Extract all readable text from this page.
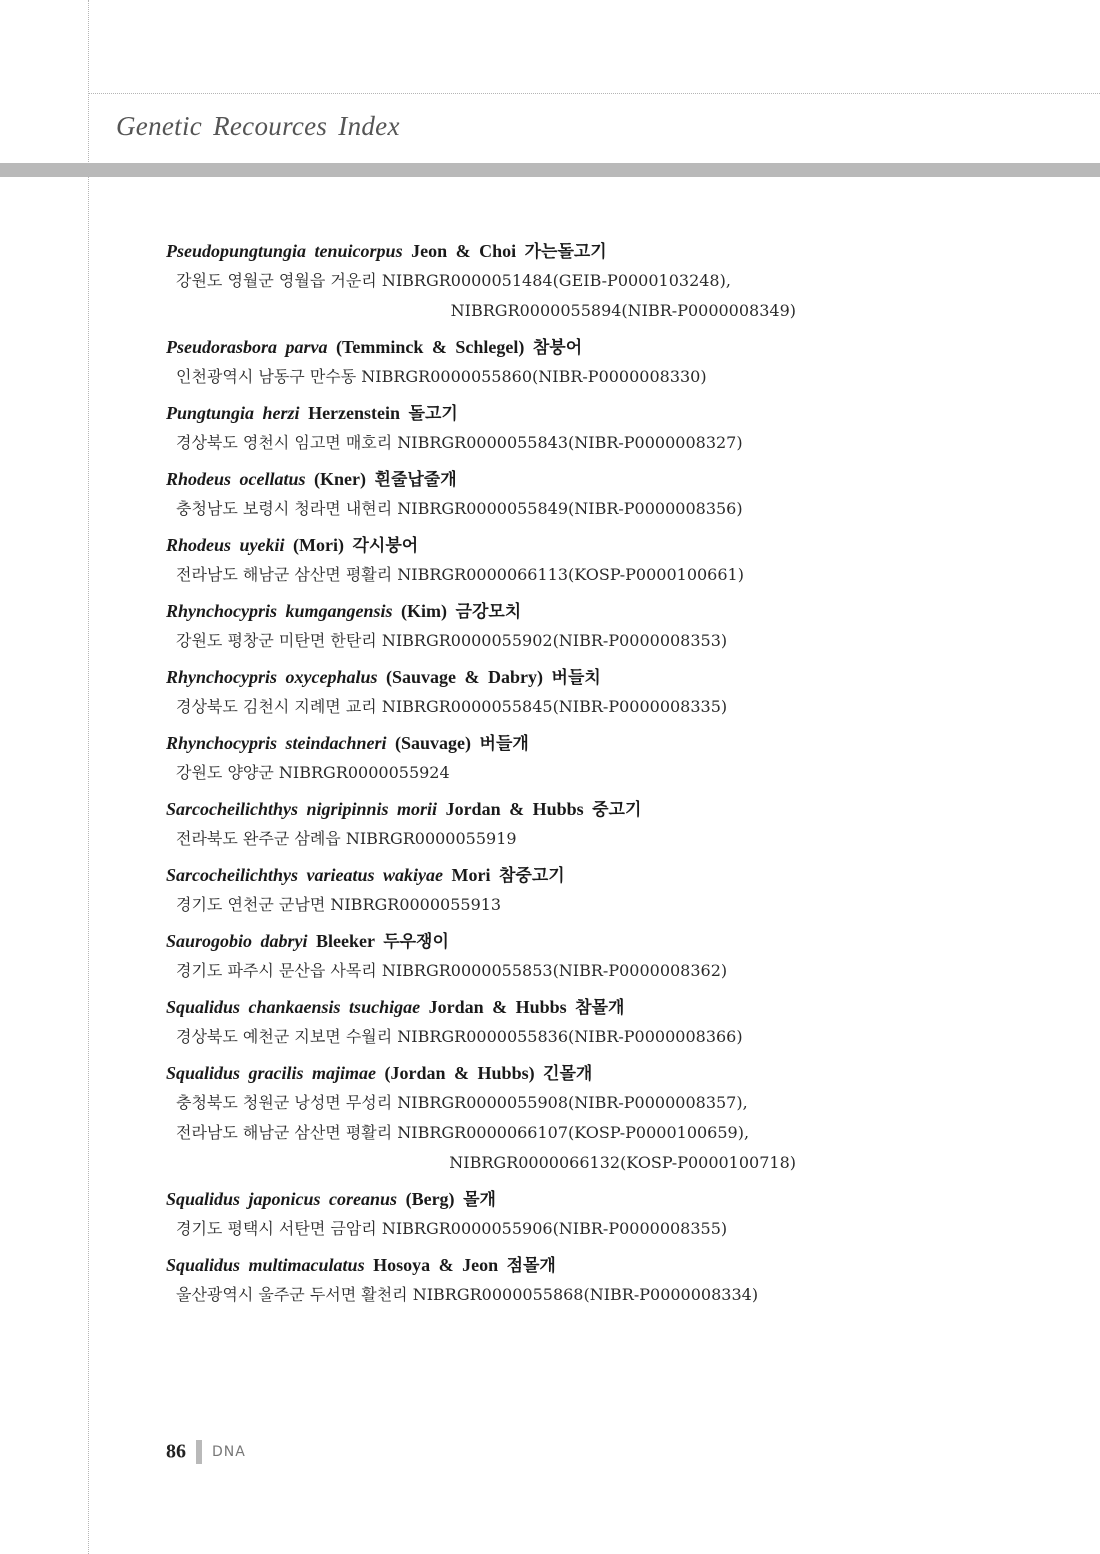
Genetic Recources Index
Pseudopungtungia tenuicorpus Jeon & Choi 가는돌고기
강원도 영월군 영월읍 거운리 NIBRGR0000051484(GEIB-P0000103248),
NIBRGR0000055894(NIBR-P0000008349)
Pseudorasbora parva (Temminck & Schlegel) 참붕어
인천광역시 남동구 만수동 NIBRGR0000055860(NIBR-P0000008330)
Pungtungia herzi Herzenstein 돌고기
경상북도 영천시 임고면 매호리 NIBRGR0000055843(NIBR-P0000008327)
Rhodeus ocellatus (Kner) 흰줄납줄개
충청남도 보령시 청라면 내현리 NIBRGR0000055849(NIBR-P0000008356)
Rhodeus uyekii (Mori) 각시붕어
전라남도 해남군 삼산면 평활리 NIBRGR0000066113(KOSP-P0000100661)
Rhynchocypris kumgangensis (Kim) 금강모치
강원도 평창군 미탄면 한탄리 NIBRGR0000055902(NIBR-P0000008353)
Rhynchocypris oxycephalus (Sauvage & Dabry) 버들치
경상북도 김천시 지례면 교리 NIBRGR0000055845(NIBR-P0000008335)
Rhynchocypris steindachneri (Sauvage) 버들개
강원도 양양군 NIBRGR0000055924
Sarcocheilichthys nigripinnis morii Jordan & Hubbs 중고기
전라북도 완주군 삼례읍 NIBRGR0000055919
Sarcocheilichthys varieatus wakiyae Mori 참중고기
경기도 연천군 군남면 NIBRGR0000055913
Saurogobio dabryi Bleeker 두우쟁이
경기도 파주시 문산읍 사목리 NIBRGR0000055853(NIBR-P0000008362)
Squalidus chankaensis tsuchigae Jordan & Hubbs 참몰개
경상북도 예천군 지보면 수월리 NIBRGR0000055836(NIBR-P0000008366)
Squalidus gracilis majimae (Jordan & Hubbs) 긴몰개
충청북도 청원군 낭성면 무성리 NIBRGR0000055908(NIBR-P0000008357),
전라남도 해남군 삼산면 평활리 NIBRGR0000066107(KOSP-P0000100659),
NIBRGR0000066132(KOSP-P0000100718)
Squalidus japonicus coreanus (Berg) 몰개
경기도 평택시 서탄면 금암리 NIBRGR0000055906(NIBR-P0000008355)
Squalidus multimaculatus Hosoya & Jeon 점몰개
울산광역시 울주군 두서면 활천리 NIBRGR0000055868(NIBR-P0000008334)
86 DNA
